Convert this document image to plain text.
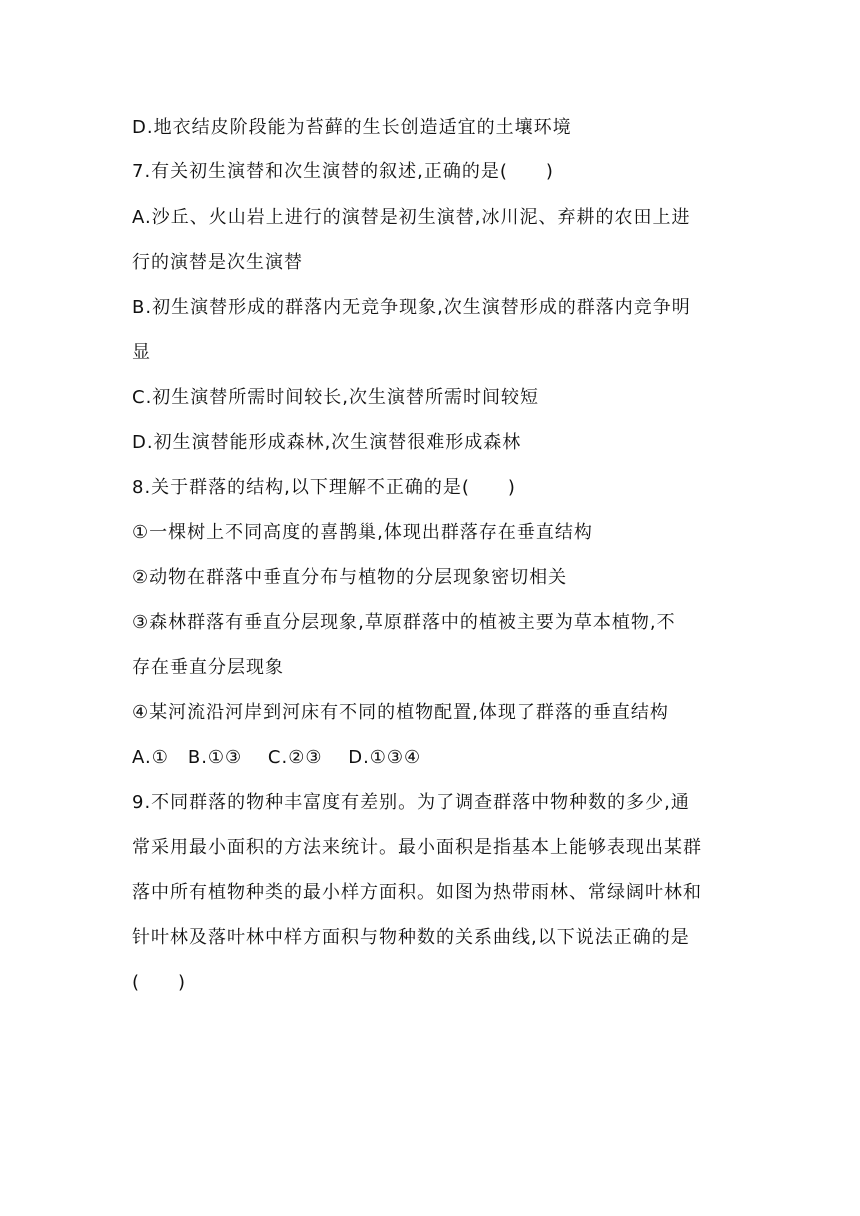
D.地衣结皮阶段能为苔藓的生长创造适宜的土壤环境
7.有关初生演替和次生演替的叙述,正确的是(　　)
A.沙丘、火山岩上进行的演替是初生演替,冰川泥、弃耕的农田上进
行的演替是次生演替
B.初生演替形成的群落内无竞争现象,次生演替形成的群落内竞争明
显
C.初生演替所需时间较长,次生演替所需时间较短
D.初生演替能形成森林,次生演替很难形成森林
8.关于群落的结构,以下理解不正确的是(　　)
①一棵树上不同高度的喜鹊巢,体现出群落存在垂直结构
②动物在群落中垂直分布与植物的分层现象密切相关
③森林群落有垂直分层现象,草原群落中的植被主要为草本植物,不
存在垂直分层现象
④某河流沿河岸到河床有不同的植物配置,体现了群落的垂直结构
A.①　B.①③　 C.②③　 D.①③④
9.不同群落的物种丰富度有差别。为了调查群落中物种数的多少,通
常采用最小面积的方法来统计。最小面积是指基本上能够表现出某群
落中所有植物种类的最小样方面积。如图为热带雨林、常绿阔叶林和
针叶林及落叶林中样方面积与物种数的关系曲线,以下说法正确的是
(　　)
